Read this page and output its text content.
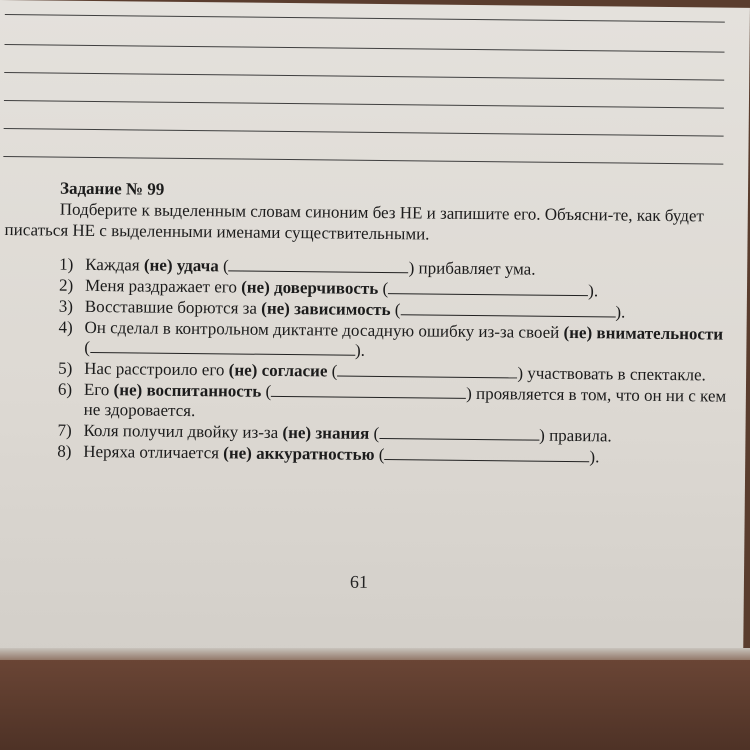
Задание № 99

Подберите к выделенным словам синоним без НЕ и запишите его. Объясни-те, как будет писаться НЕ с выделенными именами существительными.

1) Каждая (не) удача (	) прибавляет ума.
2) Меня раздражает его (не) доверчивость (	).
3) Восставшие борются за (не) зависимость (	).
4) Он сделал в контрольном диктанте досадную ошибку из-за своей (не) внимательности (	).
5) Нас расстроило его (не) согласие (	) участвовать в спектакле.
6) Его (не) воспитанность (	) проявляется в том, что он ни с кем не здоровается.
7) Коля получил двойку из-за (не) знания (	) правила.
8) Неряха отличается (не) аккуратностью (	).
61
